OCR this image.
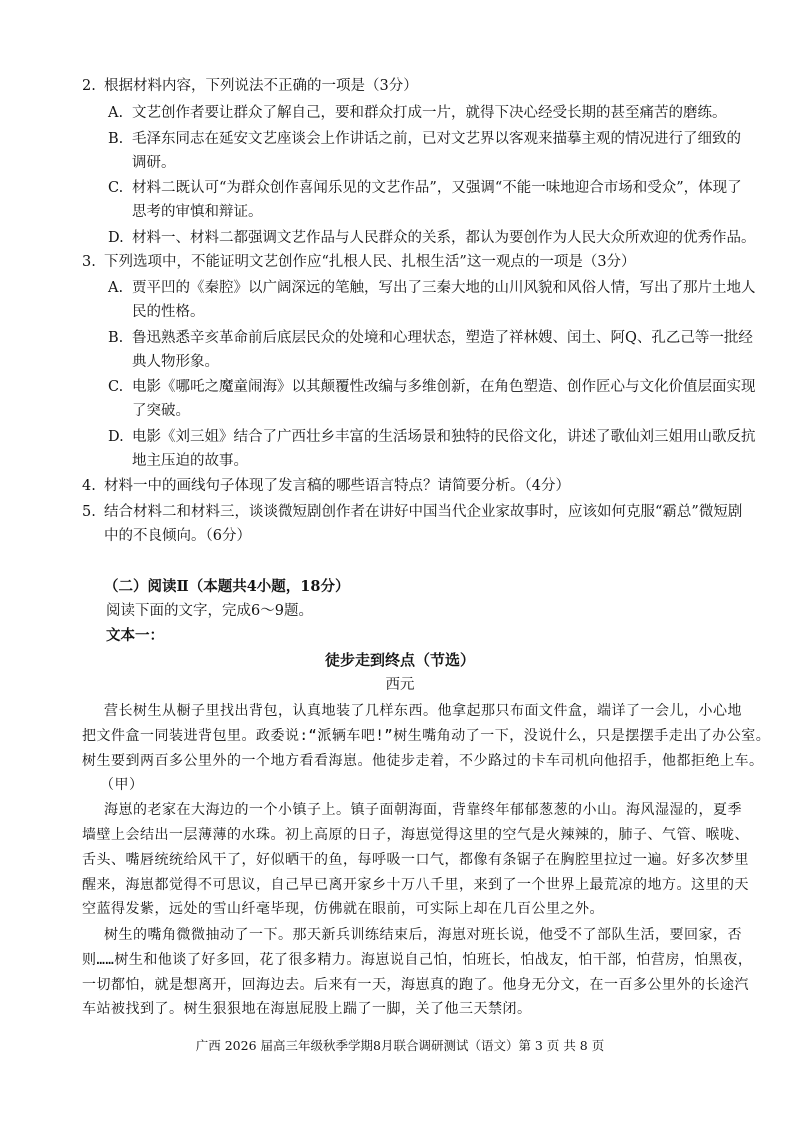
2. 根据材料内容，下列说法不正确的一项是（3分）
A. 文艺创作者要让群众了解自己，要和群众打成一片，就得下决心经受长期的甚至痛苦的磨练。
B. 毛泽东同志在延安文艺座谈会上作讲话之前，已对文艺界以客观来描摹主观的情况进行了细致的
调研。
C. 材料二既认可“为群众创作喜闻乐见的文艺作品”，又强调“不能一味地迎合市场和受众”，体现了
思考的审慎和辩证。
D. 材料一、材料二都强调文艺作品与人民群众的关系，都认为要创作为人民大众所欢迎的优秀作品。
3. 下列选项中，不能证明文艺创作应“扎根人民、扎根生活”这一观点的一项是（3分）
A. 贾平凹的《秦腔》以广阔深远的笔触，写出了三秦大地的山川风貌和风俗人情，写出了那片土地人
民的性格。
B. 鲁迅熟悉辛亥革命前后底层民众的处境和心理状态，塑造了祥林嫂、闰土、阿Q、孔乙己等一批经
典人物形象。
C. 电影《哪吒之魔童闹海》以其颠覆性改编与多维创新，在角色塑造、创作匠心与文化价值层面实现
了突破。
D. 电影《刘三姐》结合了广西壮乡丰富的生活场景和独特的民俗文化，讲述了歌仙刘三姐用山歌反抗
地主压迫的故事。
4. 材料一中的画线句子体现了发言稿的哪些语言特点？请简要分析。（4分）
5. 结合材料二和材料三，谈谈微短剧创作者在讲好中国当代企业家故事时，应该如何克服“霸总”微短剧
中的不良倾向。（6分）
（二）阅读Ⅱ（本题共4小题，18分）
阅读下面的文字，完成6～9题。
文本一：
徒步走到终点（节选）
西元
营长树生从橱子里找出背包，认真地装了几样东西。他拿起那只布面文件盒，端详了一会儿，小心地
把文件盒一同装进背包里。政委说:“派辆车吧!”树生嘴角动了一下，没说什么，只是摆摆手走出了办公室。
树生要到两百多公里外的一个地方看看海崽。他徒步走着，不少路过的卡车司机向他招手，他都拒绝上车。
（甲）
海崽的老家在大海边的一个小镇子上。镇子面朝海面，背靠终年郁郁葱葱的小山。海风湿湿的，夏季
墙壁上会结出一层薄薄的水珠。初上高原的日子，海崽觉得这里的空气是火辣辣的，肺子、气管、喉咙、
舌头、嘴唇统统给风干了，好似晒干的鱼，每呼吸一口气，都像有条锯子在胸腔里拉过一遍。好多次梦里
醒来，海崽都觉得不可思议，自己早已离开家乡十万八千里，来到了一个世界上最荒凉的地方。这里的天
空蓝得发紫，远处的雪山纤毫毕现，仿佛就在眼前，可实际上却在几百公里之外。
树生的嘴角微微抽动了一下。那天新兵训练结束后，海崽对班长说，他受不了部队生活，要回家，否
则……树生和他谈了好多回，花了很多精力。海崽说自己怕，怕班长，怕战友，怕干部，怕营房，怕黑夜，
一切都怕，就是想离开，回海边去。后来有一天，海崽真的跑了。他身无分文，在一百多公里外的长途汽
车站被找到了。树生狠狠地在海崽屁股上踹了一脚，关了他三天禁闭。
广西 2026 届高三年级秋季学期8月联合调研测试（语文）第 3 页 共 8 页
